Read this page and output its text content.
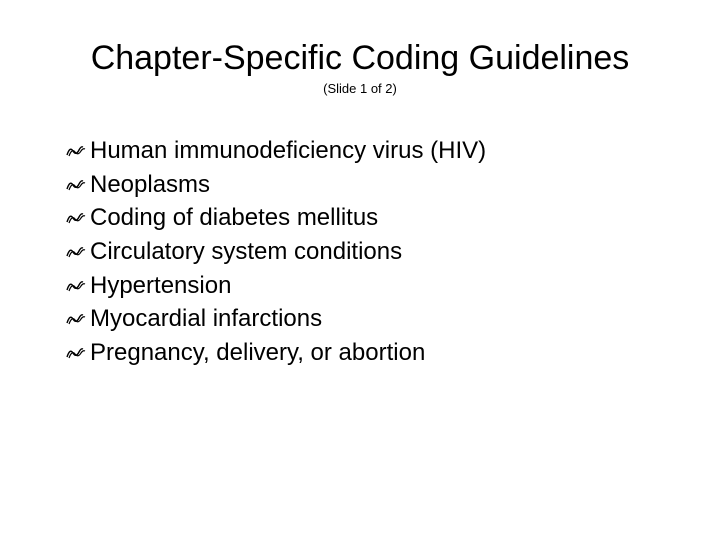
Chapter-Specific Coding Guidelines

(Slide 1 of 2)

Human immunodeficiency virus (HIV)
Neoplasms
Coding of diabetes mellitus
Circulatory system conditions
Hypertension
Myocardial infarctions
Pregnancy, delivery, or abortion
